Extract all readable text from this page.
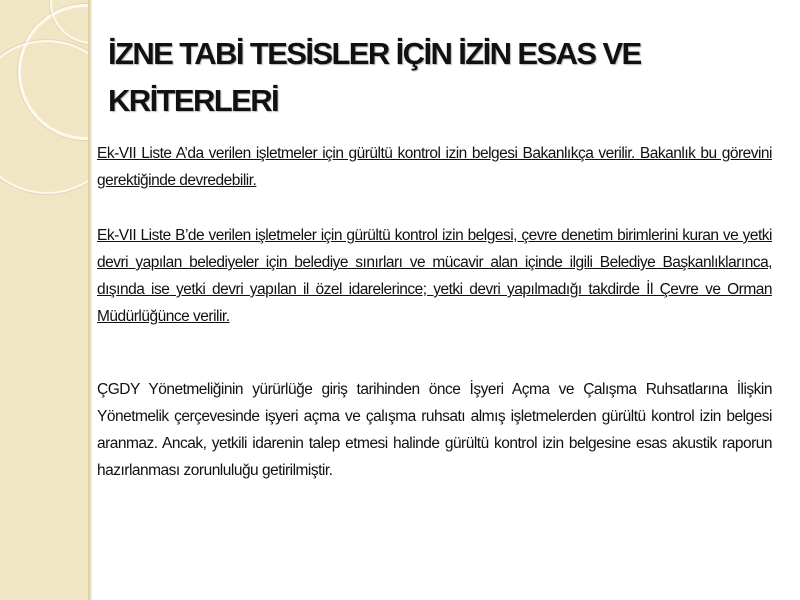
İZNE TABİ TESİSLER İÇİN İZİN ESAS VE KRİTERLERİ

Ek-VII Liste A’da verilen işletmeler için gürültü kontrol izin belgesi Bakanlıkça verilir. Bakanlık bu görevini gerektiğinde devredebilir.

Ek-VII Liste B’de verilen işletmeler için gürültü kontrol izin belgesi, çevre denetim birimlerini kuran ve yetki devri yapılan belediyeler için belediye sınırları ve mücavir alan içinde ilgili Belediye Başkanlıklarınca, dışında ise yetki devri yapılan il özel idarelerince; yetki devri yapılmadığı takdirde İl Çevre ve Orman Müdürlüğünce verilir.

ÇGDY Yönetmeliğinin yürürlüğe giriş tarihinden önce İşyeri Açma ve Çalışma Ruhsatlarına İlişkin Yönetmelik çerçevesinde işyeri açma ve çalışma ruhsatı almış işletmelerden gürültü kontrol izin belgesi aranmaz. Ancak, yetkili idarenin talep etmesi halinde gürültü kontrol izin belgesine esas akustik raporun hazırlanması zorunluluğu getirilmiştir.
